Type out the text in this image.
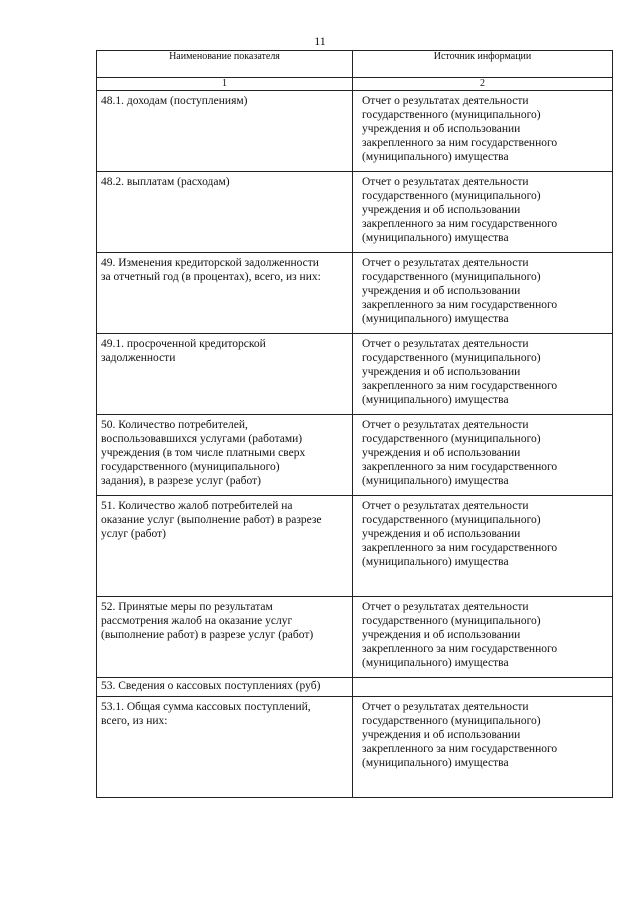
11
Наименование показателя	Источник информации
1	2

48.1. доходам (поступлениям)	Отчет о результатах деятельности
государственного (муниципального)
учреждения и об использовании
закрепленного за ним государственного
(муниципального) имущества

48.2. выплатам (расходам)	Отчет о результатах деятельности
государственного (муниципального)
учреждения и об использовании
закрепленного за ним государственного
(муниципального) имущества

49. Изменения кредиторской задолженности
за отчетный год (в процентах), всего, из них:	Отчет о результатах деятельности
государственного (муниципального)
учреждения и об использовании
закрепленного за ним государственного
(муниципального) имущества

49.1. просроченной кредиторской
задолженности	Отчет о результатах деятельности
государственного (муниципального)
учреждения и об использовании
закрепленного за ним государственного
(муниципального) имущества

50. Количество потребителей,
воспользовавшихся услугами (работами)
учреждения (в том числе платными сверх
государственного (муниципального)
задания), в разрезе услуг (работ)	Отчет о результатах деятельности
государственного (муниципального)
учреждения и об использовании
закрепленного за ним государственного
(муниципального) имущества

51. Количество жалоб потребителей на
оказание услуг (выполнение работ) в разрезе
услуг (работ)	Отчет о результатах деятельности
государственного (муниципального)
учреждения и об использовании
закрепленного за ним государственного
(муниципального) имущества

52. Принятые меры по результатам
рассмотрения жалоб на оказание услуг
(выполнение работ) в разрезе услуг (работ)	Отчет о результатах деятельности
государственного (муниципального)
учреждения и об использовании
закрепленного за ним государственного
(муниципального) имущества

53. Сведения о кассовых поступлениях (руб)	

53.1. Общая сумма кассовых поступлений,
всего, из них:	Отчет о результатах деятельности
государственного (муниципального)
учреждения и об использовании
закрепленного за ним государственного
(муниципального) имущества
